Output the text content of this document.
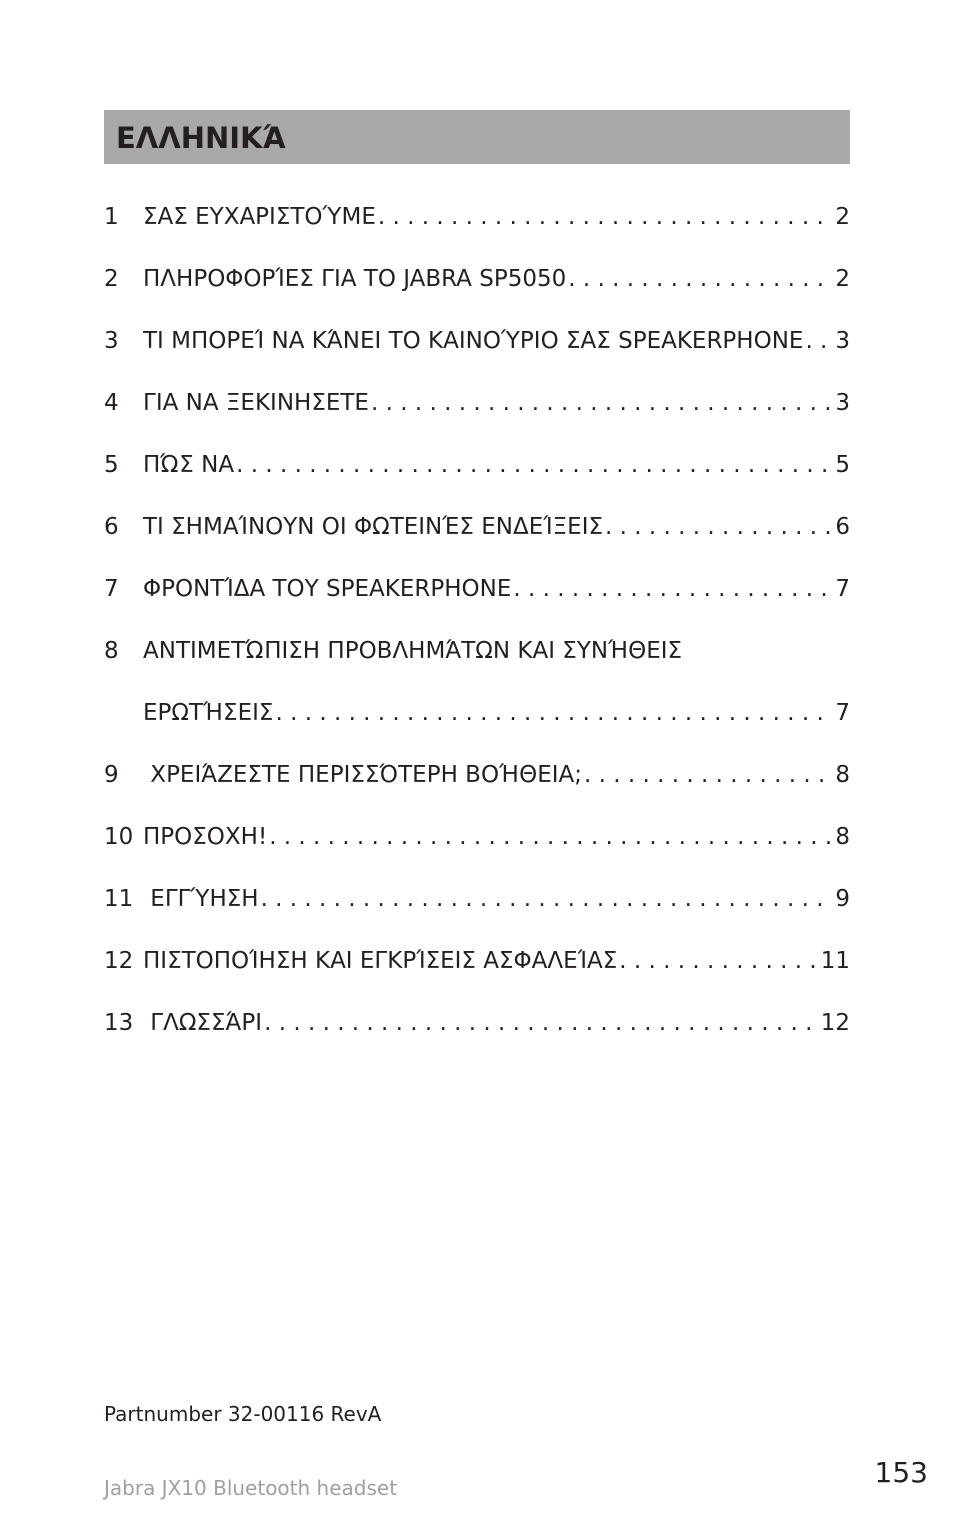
ΕΛΛΗΝΙΚΆ
1 ΣΑΣ ΕΥΧΑΡΙΣΤΟΎΜΕ . . .	2
2 ΠΛΗΡΟΦΟΡΊΕΣ ΓΙΑ ΤΟ JABRA SP5050 . . .	2
3 ΤΙ ΜΠΟΡΕΊ ΝΑ ΚΆΝΕΙ ΤΟ ΚΑΙΝΟΎΡΙΟ ΣΑΣ SPEAKERPHONE . . . 3
4 ΓΙΑ ΝΑ ΞΕΚΙΝΗΣΕΤΕ . . .	3
5 ΠΏΣ ΝΑ . . .	5
6 ΤΙ ΣΗΜΑΊΝΟΥΝ ΟΙ ΦΩΤΕΙΝΈΣ ΕΝΔΕΊΞΕΙΣ . . .	6
7 ΦΡΟΝΤΊΔΑ ΤΟΥ SPEAKERPHONE . . .	7
8 ΑΝΤΙΜΕΤΏΠΙΣΗ ΠΡΟΒΛΗΜΆΤΩΝ ΚΑΙ ΣΥΝΉΘΕΙΣ
ΕΡΩΤΉΣΕΙΣ . . .	7
9 ΧΡΕΙΆΖΕΣΤΕ ΠΕΡΙΣΣΌΤΕΡΗ ΒΟΉΘΕΙΑ; . . .	8
10 ΠΡΟΣΟΧΗ! . . .	8
11 ΕΓΓΎΗΣΗ . . .	9
12 ΠΙΣΤΟΠΟΊΗΣΗ ΚΑΙ ΕΓΚΡΊΣΕΙΣ ΑΣΦΑΛΕΊΑΣ . . .	11
13 ΓΛΩΣΣΆΡΙ . . .	12
Partnumber 32-00116 RevA
Jabra JX10 Bluetooth headset	153
